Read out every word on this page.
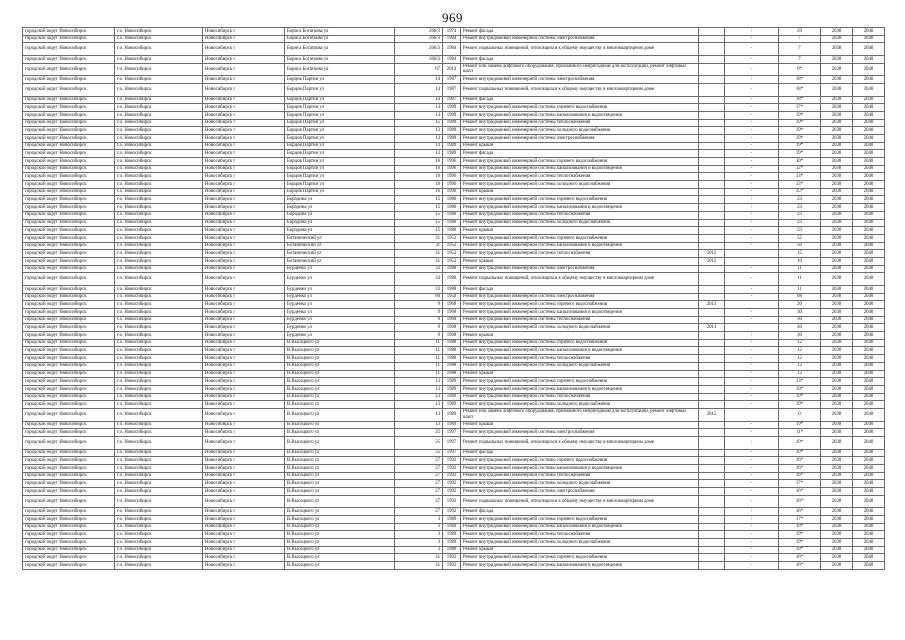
969
городской округ Новосибирск	г.о. Новосибирск	Новосибирск г	Бориса Богаткова ул	266/3	1974	Ремонт фасада		-	29	2038	2040
городской округ Новосибирск	г.о. Новосибирск	Новосибирск г	Бориса Богаткова ул	266/3	1984	Ремонт внутридомовой инженерной системы электроснабжения		-	7	2038	2040
городской округ Новосибирск	г.о. Новосибирск	Новосибирск г	Бориса Богаткова ул	266/3	1984	Ремонт подвальных помещений, относящихся к общему имуществу в многоквартирном доме		-	7	2038	2040
городской округ Новосибирск	г.о. Новосибирск	Новосибирск г	Бориса Богаткова ул	266/3	1984	Ремонт фасада		-	7	2038	2040
городской округ Новосибирск	г.о. Новосибирск	Новосибирск г	Бориса Богаткова ул	67	2014	Ремонт или замена лифтового оборудования, признанного непригодным для эксплуатации, ремонт лифтовых шахт		-	0*	2038	2040
городской округ Новосибирск	г.о. Новосибирск	Новосибирск г	Борцов Партии ул	14	1987	Ремонт внутридомовой инженерной системы электроснабжения		-	18*	2038	2040
городской округ Новосибирск	г.о. Новосибирск	Новосибирск г	Борцов Партии ул	14	1987	Ремонт подвальных помещений, относящихся к общему имуществу в многоквартирном доме		-	18*	2038	2040
городской округ Новосибирск	г.о. Новосибирск	Новосибирск г	Борцов Партии ул	14	1987	Ремонт фасада		-	18*	2038	2040
городской округ Новосибирск	г.о. Новосибирск	Новосибирск г	Борцов Партии ул	13	1989	Ремонт внутридомовой инженерной системы горячего водоснабжения		-	17*	2038	2040
городской округ Новосибирск	г.о. Новосибирск	Новосибирск г	Борцов Партии ул	13	1989	Ремонт внутридомовой инженерной системы канализования и водоотведения		-	19*	2038	2040
городской округ Новосибирск	г.о. Новосибирск	Новосибирск г	Борцов Партии ул	15	1989	Ремонт внутридомовой инженерной системы теплоснабжения		-	19*	2038	2040
городской округ Новосибирск	г.о. Новосибирск	Новосибирск г	Борцов Партии ул	13	1989	Ремонт внутридомовой инженерной системы холодного водоснабжения		-	19*	2038	2040
городской округ Новосибирск	г.о. Новосибирск	Новосибирск г	Борцов Партии ул	13	1989	Ремонт внутридомовой инженерной системы электроснабжения		-	19*	2038	2040
городской округ Новосибирск	г.о. Новосибирск	Новосибирск г	Борцов Партии ул	13	1989	Ремонт крыши		-	19*	2038	2040
городской округ Новосибирск	г.о. Новосибирск	Новосибирск г	Борцов Партии ул	13	1989	Ремонт фасада		-	19*	2038	2040
городской округ Новосибирск	г.о. Новосибирск	Новосибирск г	Борцов Партии ул	16	1996	Ремонт внутридомовой инженерной системы горячего водоснабжения		-	10*	2038	2040
городской округ Новосибирск	г.о. Новосибирск	Новосибирск г	Борцов Партии ул	16	1996	Ремонт внутридомовой инженерной системы канализования и водоотведения		-	12*	2038	2040
городской округ Новосибирск	г.о. Новосибирск	Новосибирск г	Борцов Партии ул	16	1996	Ремонт внутридомовой инженерной системы теплоснабжения		-	13*	2038	2040
городской округ Новосибирск	г.о. Новосибирск	Новосибирск г	Борцов Партии ул	16	1996	Ремонт внутридомовой инженерной системы холодного водоснабжения		-	13*	2038	2040
городской округ Новосибирск	г.о. Новосибирск	Новосибирск г	Борцов Партии ул	16	1996	Ремонт крыши		-	15*	2038	2040
городской округ Новосибирск	г.о. Новосибирск	Новосибирск г	Бородина ул	15	1986	Ремонт внутридомовой инженерной системы горячего водоснабжения		-	23	2038	2040
городской округ Новосибирск	г.о. Новосибирск	Новосибирск г	Бородина ул	15	1986	Ремонт внутридомовой инженерной системы канализования и водоотведения		-	23	2038	2040
городской округ Новосибирск	г.о. Новосибирск	Новосибирск г	Бородина ул	15	1986	Ремонт внутридомовой инженерной системы теплоснабжения		-	23	2038	2040
городской округ Новосибирск	г.о. Новосибирск	Новосибирск г	Бородина ул	15	1986	Ремонт внутридомовой инженерной системы холодного водоснабжения		-	23	2038	2040
городской округ Новосибирск	г.о. Новосибирск	Новосибирск г	Бородина ул	15	1986	Ремонт крыши		-	23	2038	2040
городской округ Новосибирск	г.о. Новосибирск	Новосибирск г	Ботанический ул	31	1952	Ремонт внутридомовой инженерной системы горячего водоснабжения		-	55	2038	2040
городской округ Новосибирск	г.о. Новосибирск	Новосибирск г	Ботанический ул	31	1952	Ремонт внутридомовой инженерной системы канализования и водоотведения		-	50	2038	2040
городской округ Новосибирск	г.о. Новосибирск	Новосибирск г	Ботанический ул	31	1952	Ремонт внутридомовой инженерной системы теплоснабжения	2012		15	2038	2040
городской округ Новосибирск	г.о. Новосибирск	Новосибирск г	Ботанический ул	31	1952	Ремонт крыши	2012		10	2038	2040
городской округ Новосибирск	г.о. Новосибирск	Новосибирск г	Бурденко ул	33	1988	Ремонт внутридомовой инженерной системы электроснабжения		-	11	2038	2040
городской округ Новосибирск	г.о. Новосибирск	Новосибирск г	Бурденко ул	33	1988	Ремонт подвальных помещений, относящихся к общему имуществу в многоквартирном доме		-	11	2038	2040
городской округ Новосибирск	г.о. Новосибирск	Новосибирск г	Бурденко ул	33	1988	Ремонт фасада		-	11	2038	2040
городской округ Новосибирск	г.о. Новосибирск	Новосибирск г	Бурденко ул	60	1959	Ремонт внутридомовой инженерной системы электроснабжения		-	68	2038	2040
городской округ Новосибирск	г.о. Новосибирск	Новосибирск г	Бурденко ул	9	1968	Ремонт внутридомовой инженерной системы горячего водоснабжения	2013		20	2038	2040
городской округ Новосибирск	г.о. Новосибирск	Новосибирск г	Бурденко ул	9	1968	Ремонт внутридомовой инженерной системы канализования и водоотведения		-	30	2038	2040
городской округ Новосибирск	г.о. Новосибирск	Новосибирск г	Бурденко ул	9	1968	Ремонт внутридомовой инженерной системы теплоснабжения		-	30	2038	2040
городской округ Новосибирск	г.о. Новосибирск	Новосибирск г	Бурденко ул	9	1968	Ремонт внутридомовой инженерной системы холодного водоснабжения	2013		20	2038	2040
городской округ Новосибирск	г.о. Новосибирск	Новосибирск г	Бурденко ул	9	1968	Ремонт крыши		-	30	2038	2040
городской округ Новосибирск	г.о. Новосибирск	Новосибирск г	В.Высоцкого ул	11	1988	Ремонт внутридомовой инженерной системы горячего водоснабжения		-	12	2038	2040
городской округ Новосибирск	г.о. Новосибирск	Новосибирск г	В.Высоцкого ул	11	1988	Ремонт внутридомовой инженерной системы канализования и водоотведения		-	12	2038	2040
городской округ Новосибирск	г.о. Новосибирск	Новосибирск г	В.Высоцкого ул	11	1988	Ремонт внутридомовой инженерной системы теплоснабжения		-	12	2038	2040
городской округ Новосибирск	г.о. Новосибирск	Новосибирск г	В.Высоцкого ул	11	1988	Ремонт внутридомовой инженерной системы холодного водоснабжения		-	12	2038	2040
городской округ Новосибирск	г.о. Новосибирск	Новосибирск г	В.Высоцкого ул	11	1988	Ремонт крыши		-	12	2038	2040
городской округ Новосибирск	г.о. Новосибирск	Новосибирск г	В.Высоцкого ул	13	1989	Ремонт внутридомовой инженерной системы горячего водоснабжения		-	13*	2038	2040
городской округ Новосибирск	г.о. Новосибирск	Новосибирск г	В.Высоцкого ул	13	1989	Ремонт внутридомовой инженерной системы канализования и водоотведения		-	19*	2038	2040
городской округ Новосибирск	г.о. Новосибирск	Новосибирск г	В.Высоцкого ул	13	1989	Ремонт внутридомовой инженерной системы теплоснабжения		-	19*	2038	2040
городской округ Новосибирск	г.о. Новосибирск	Новосибирск г	В.Высоцкого ул	13	1989	Ремонт внутридомовой инженерной системы холодного водоснабжения		-	19*	2038	2040
городской округ Новосибирск	г.о. Новосибирск	Новосибирск г	В.Высоцкого ул	13	1989	Ремонт или замена лифтового оборудования, признанного непригодным для эксплуатации, ремонт лифтовых шахт	2015		0	2038	2040
городской округ Новосибирск	г.о. Новосибирск	Новосибирск г	В.Высоцкого ул	13	1989	Ремонт крыши		-	19*	2038	2040
городской округ Новосибирск	г.о. Новосибирск	Новосибирск г	В.Высоцкого ул	25	1997	Ремонт внутридомовой инженерной системы электроснабжения		-	11*	2038	2040
городской округ Новосибирск	г.о. Новосибирск	Новосибирск г	В.Высоцкого ул	25	1997	Ремонт подвальных помещений, относящихся к общему имуществу в многоквартирном доме		-	10*	2038	2040
городской округ Новосибирск	г.о. Новосибирск	Новосибирск г	В.Высоцкого ул	25	1997	Ремонт фасада		-	10*	2038	2040
городской округ Новосибирск	г.о. Новосибирск	Новосибирск г	В.Высоцкого ул	27	1992	Ремонт внутридомовой инженерной системы горячего водоснабжения		-	16*	2038	2040
городской округ Новосибирск	г.о. Новосибирск	Новосибирск г	В.Высоцкого ул	27	1992	Ремонт внутридомовой инженерной системы канализования и водоотведения		-	16*	2038	2040
городской округ Новосибирск	г.о. Новосибирск	Новосибирск г	В.Высоцкого ул	27	1992	Ремонт внутридомовой инженерной системы теплоснабжения		-	16*	2038	2040
городской округ Новосибирск	г.о. Новосибирск	Новосибирск г	В.Высоцкого ул	27	1992	Ремонт внутридомовой инженерной системы холодного водоснабжения		-	17*	2038	2040
городской округ Новосибирск	г.о. Новосибирск	Новосибирск г	В.Высоцкого ул	27	1992	Ремонт внутридомовой инженерной системы электроснабжения		-	16*	2038	2040
городской округ Новосибирск	г.о. Новосибирск	Новосибирск г	В.Высоцкого ул	27	1992	Ремонт подвальных помещений, относящихся к общему имуществу в многоквартирном доме		-	16*	2038	2040
городской округ Новосибирск	г.о. Новосибирск	Новосибирск г	В.Высоцкого ул	27	1992	Ремонт фасада		-	16*	2038	2040
городской округ Новосибирск	г.о. Новосибирск	Новосибирск г	В.Высоцкого ул	3	1989	Ремонт внутридомовой инженерной системы горячего водоснабжения		-	17*	2038	2040
городской округ Новосибирск	г.о. Новосибирск	Новосибирск г	В.Высоцкого ул	3	1989	Ремонт внутридомовой инженерной системы канализования и водоотведения		-	19*	2038	2040
городской округ Новосибирск	г.о. Новосибирск	Новосибирск г	В.Высоцкого ул	3	1989	Ремонт внутридомовой инженерной системы теплоснабжения		-	19*	2038	2040
городской округ Новосибирск	г.о. Новосибирск	Новосибирск г	В.Высоцкого ул	3	1989	Ремонт внутридомовой инженерной системы холодного водоснабжения		-	19*	2038	2040
городской округ Новосибирск	г.о. Новосибирск	Новосибирск г	В.Высоцкого ул	3	1989	Ремонт крыши		-	19*	2038	2040
городской округ Новосибирск	г.о. Новосибирск	Новосибирск г	В.Высоцкого ул	31	1992	Ремонт внутридомовой инженерной системы горячего водоснабжения		-	16*	2038	2040
городской округ Новосибирск	г.о. Новосибирск	Новосибирск г	В.Высоцкого ул	31	1992	Ремонт внутридомовой инженерной системы канализования и водоотведения		-	16*	2038	2040
